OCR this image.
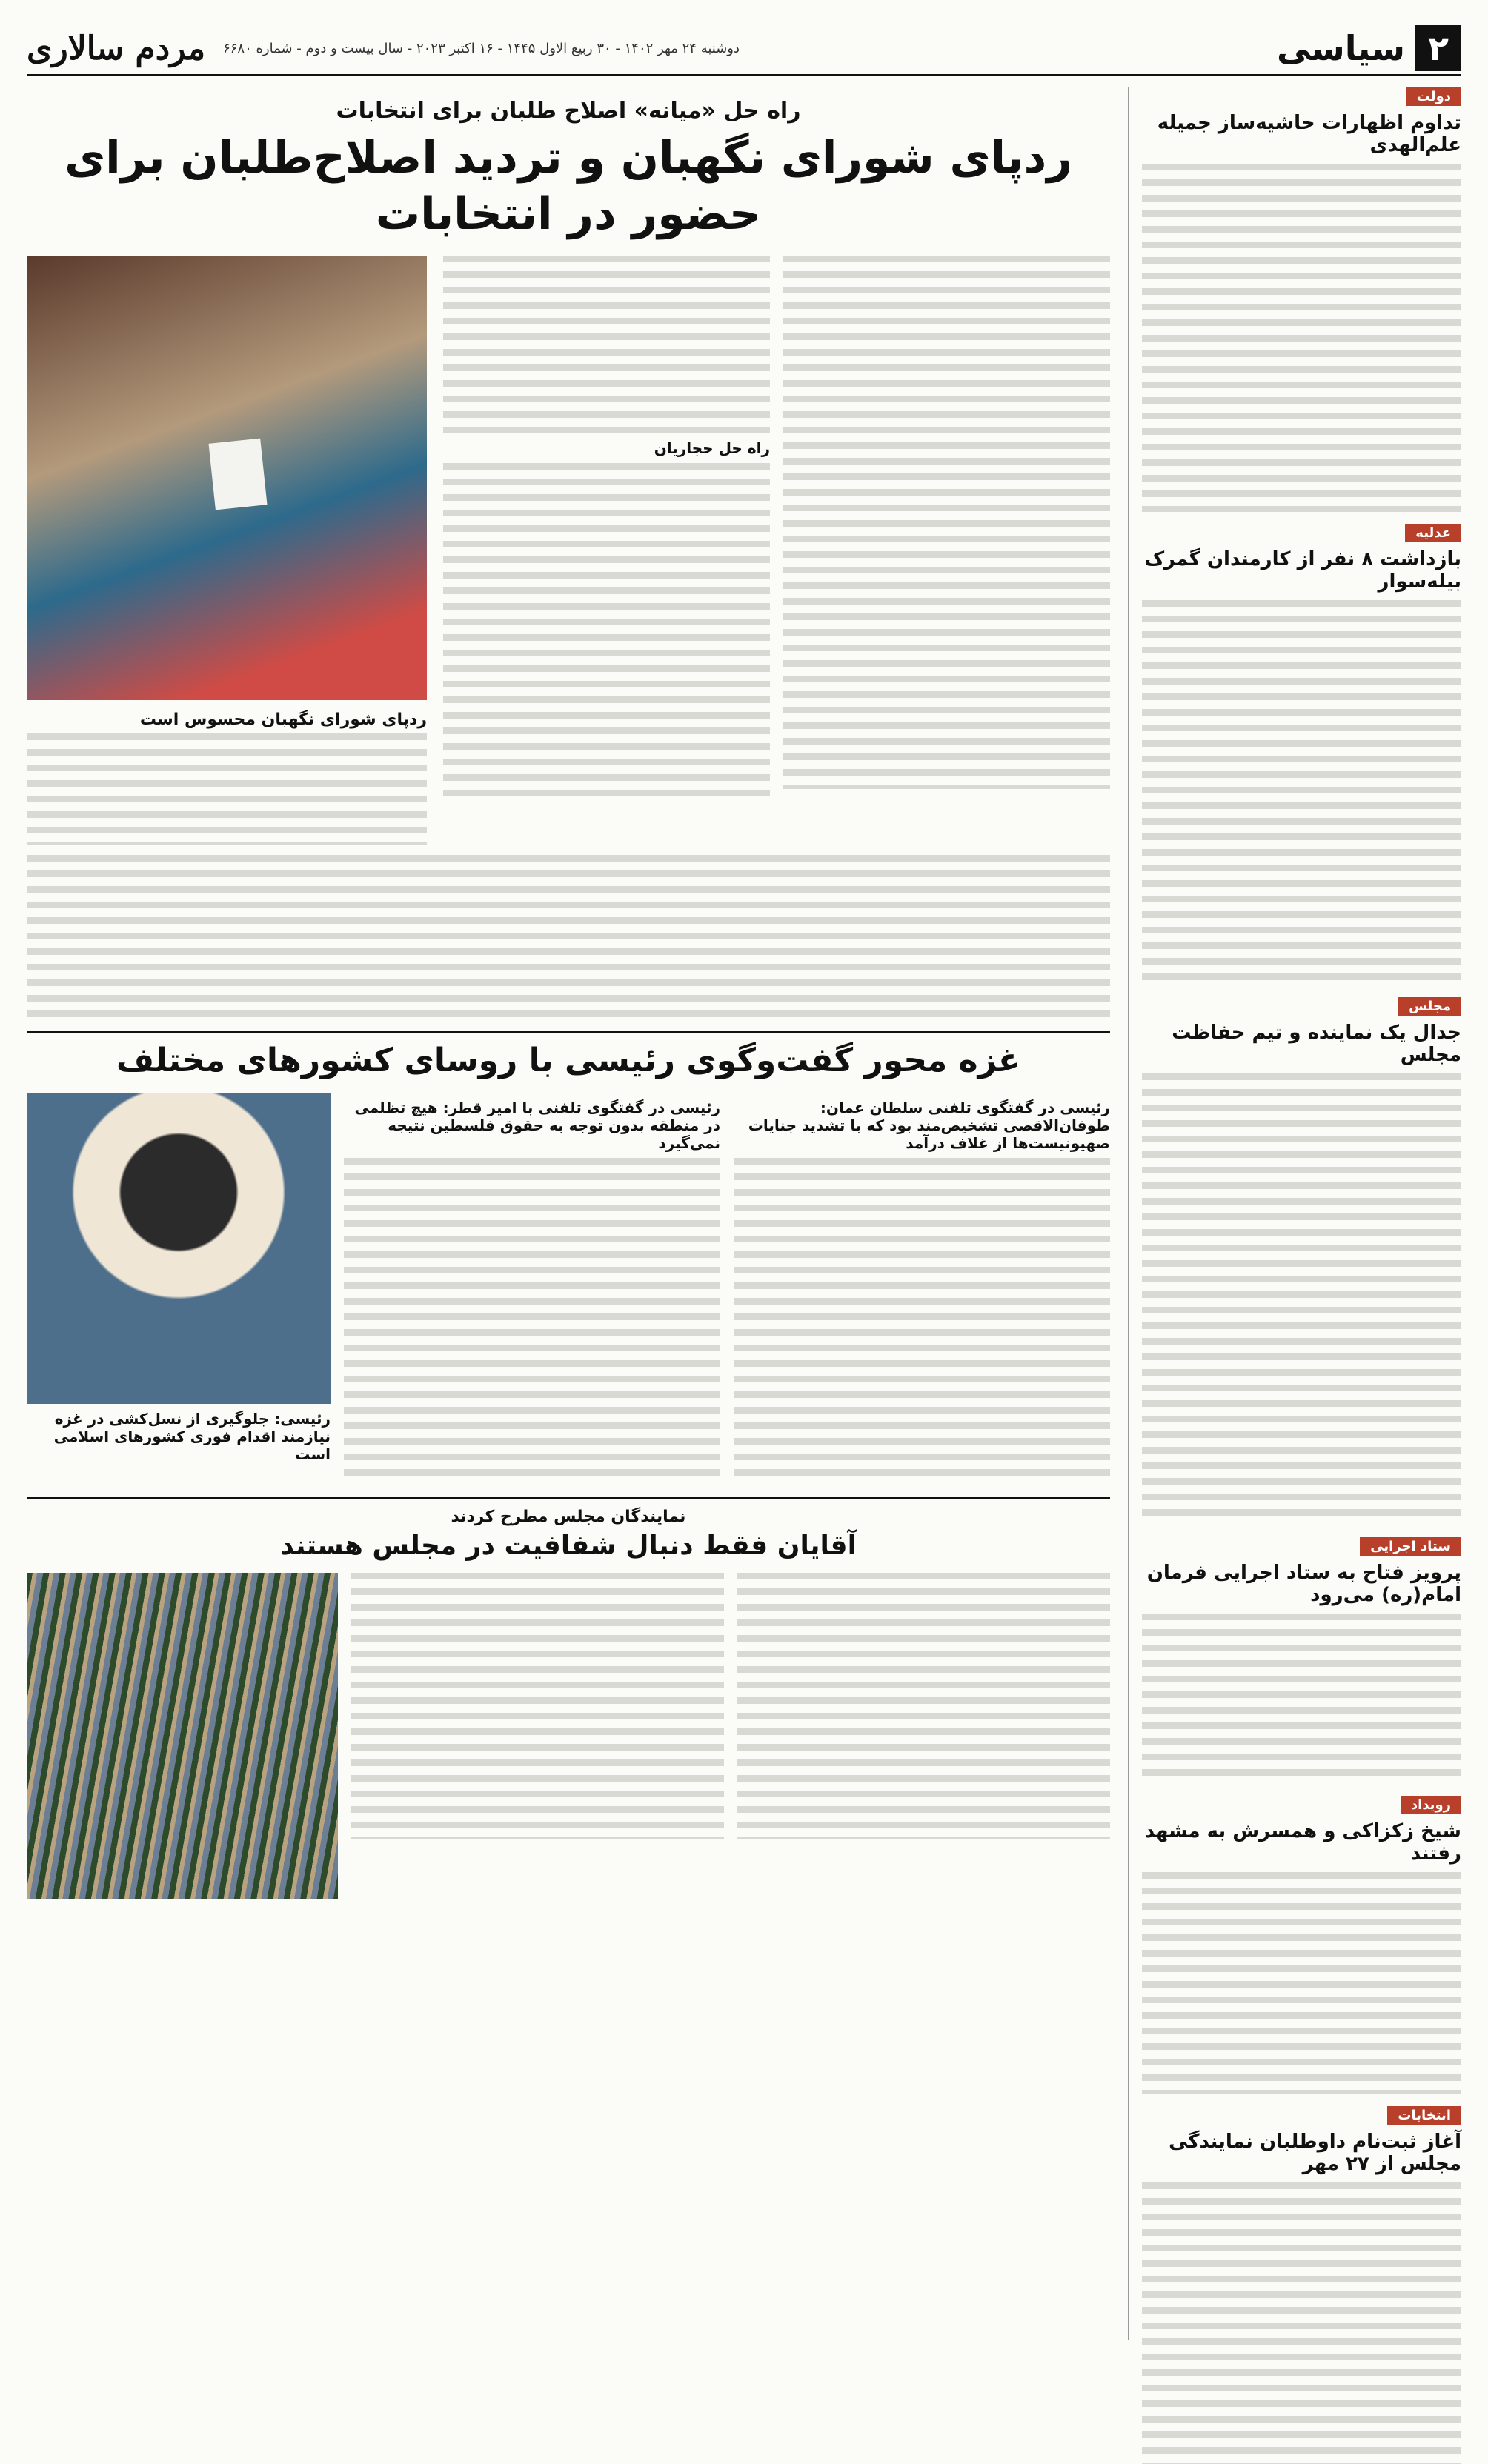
۲
سیاسی
دوشنبه ۲۴ مهر ۱۴۰۲ - ۳۰ ربیع الاول ۱۴۴۵ - ۱۶ اکتبر ۲۰۲۳ - سال بیست و دوم - شماره ۶۶۸۰
مردم سالاری
دولت
تداوم اظهارات حاشیه‌ساز جمیله علم‌الهدی
عدلیه
بازداشت ۸ نفر از کارمندان گمرک بیله‌سوار
مجلس
جدال یک نماینده و تیم حفاظت مجلس
ستاد اجرایی
پرویز فتاح به ستاد اجرایی فرمان امام(ره) می‌رود
رویداد
شیخ زکزاکی و همسرش به مشهد رفتند
انتخابات
آغاز ثبت‌نام داوطلبان نمایندگی مجلس از ۲۷ مهر
راه حل «میانه» اصلاح طلبان برای انتخابات
ردپای شورای نگهبان و تردید اصلاح‌طلبان برای حضور در انتخابات
راه حل حجاریان
ردپای شورای نگهبان محسوس است
غزه محور گفت‌وگوی رئیسی با روسای کشورهای مختلف
رئیسی در گفتگوی تلفنی سلطان عمان: طوفان‌الاقصی تشخیص‌مند بود که با تشدید جنایات صهیونیست‌ها از غلاف درآمد
رئیسی در گفتگوی تلفنی با امیر قطر: هیچ تظلمی در منطقه بدون توجه به حقوق فلسطین نتیجه نمی‌گیرد
رئیسی: جلوگیری از نسل‌کشی در غزه نیازمند اقدام فوری کشورهای اسلامی است
نمایندگان مجلس مطرح کردند
آقایان فقط دنبال شفافیت در مجلس هستند
